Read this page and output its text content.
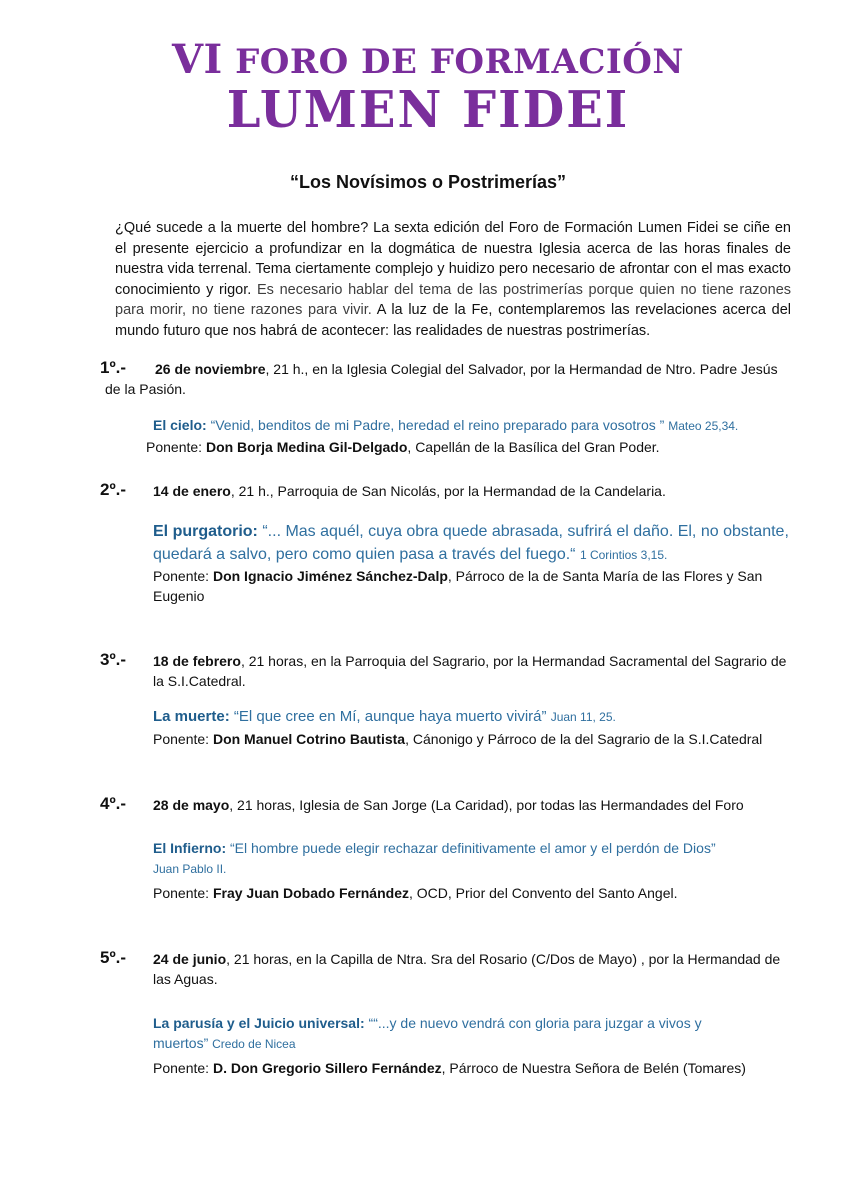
VI FORO DE FORMACIÓN
LUMEN FIDEI
“Los Novísimos o Postrimerías”
¿Qué sucede a la muerte del hombre? La sexta edición del Foro de Formación Lumen Fidei se ciñe en el presente ejercicio a profundizar en la dogmática de nuestra Iglesia acerca de las horas finales de nuestra vida terrenal. Tema ciertamente complejo y huidizo pero necesario de afrontar con el mas exacto conocimiento y rigor. Es necesario hablar del tema de las postrimerías porque quien no tiene razones para morir, no tiene razones para vivir. A la luz de la Fe, contemplaremos las revelaciones acerca del mundo futuro que nos habrá de acontecer: las realidades de nuestras postrimerías.
1º.-	26 de noviembre, 21 h., en la Iglesia Colegial del Salvador, por la Hermandad de Ntro. Padre Jesús de la Pasión.

El cielo: “Venid, benditos de mi Padre, heredad el reino preparado para vosotros ” Mateo 25,34.

Ponente: Don Borja Medina Gil-Delgado, Capellán de la Basílica del Gran Poder.

2º.- 14 de enero, 21 h., Parroquia de San Nicolás, por la Hermandad de la Candelaria.

El purgatorio: “... Mas aquél, cuya obra quede abrasada, sufrirá el daño. El, no obstante, quedará a salvo, pero como quien pasa a través del fuego.“ 1 Corintios 3,15.

Ponente: Don Ignacio Jiménez Sánchez-Dalp, Párroco de la de Santa María de las Flores y San Eugenio

3º.- 18 de febrero, 21 horas, en la Parroquia del Sagrario, por la Hermandad Sacramental del Sagrario de la S.I.Catedral.

La muerte: “El que cree en Mí, aunque haya muerto vivirá” Juan 11, 25.

Ponente: Don Manuel Cotrino Bautista, Cánonigo y Párroco de la del Sagrario de la S.I.Catedral

4º.- 28 de mayo, 21 horas, Iglesia de San Jorge (La Caridad), por todas las Hermandades del Foro

El Infierno: “El hombre puede elegir rechazar definitivamente el amor y el perdón de Dios”
Juan Pablo II.

Ponente: Fray Juan Dobado Fernández, OCD, Prior del Convento del Santo Angel.

5º.- 24 de junio, 21 horas, en la Capilla de Ntra. Sra del Rosario (C/Dos de Mayo) , por la Hermandad de las Aguas.

La parusía y el Juicio universal: ““...y de nuevo vendrá con gloria para juzgar a vivos y muertos” Credo de Nicea

Ponente: D. Don Gregorio Sillero Fernández, Párroco de Nuestra Señora de Belén (Tomares)
